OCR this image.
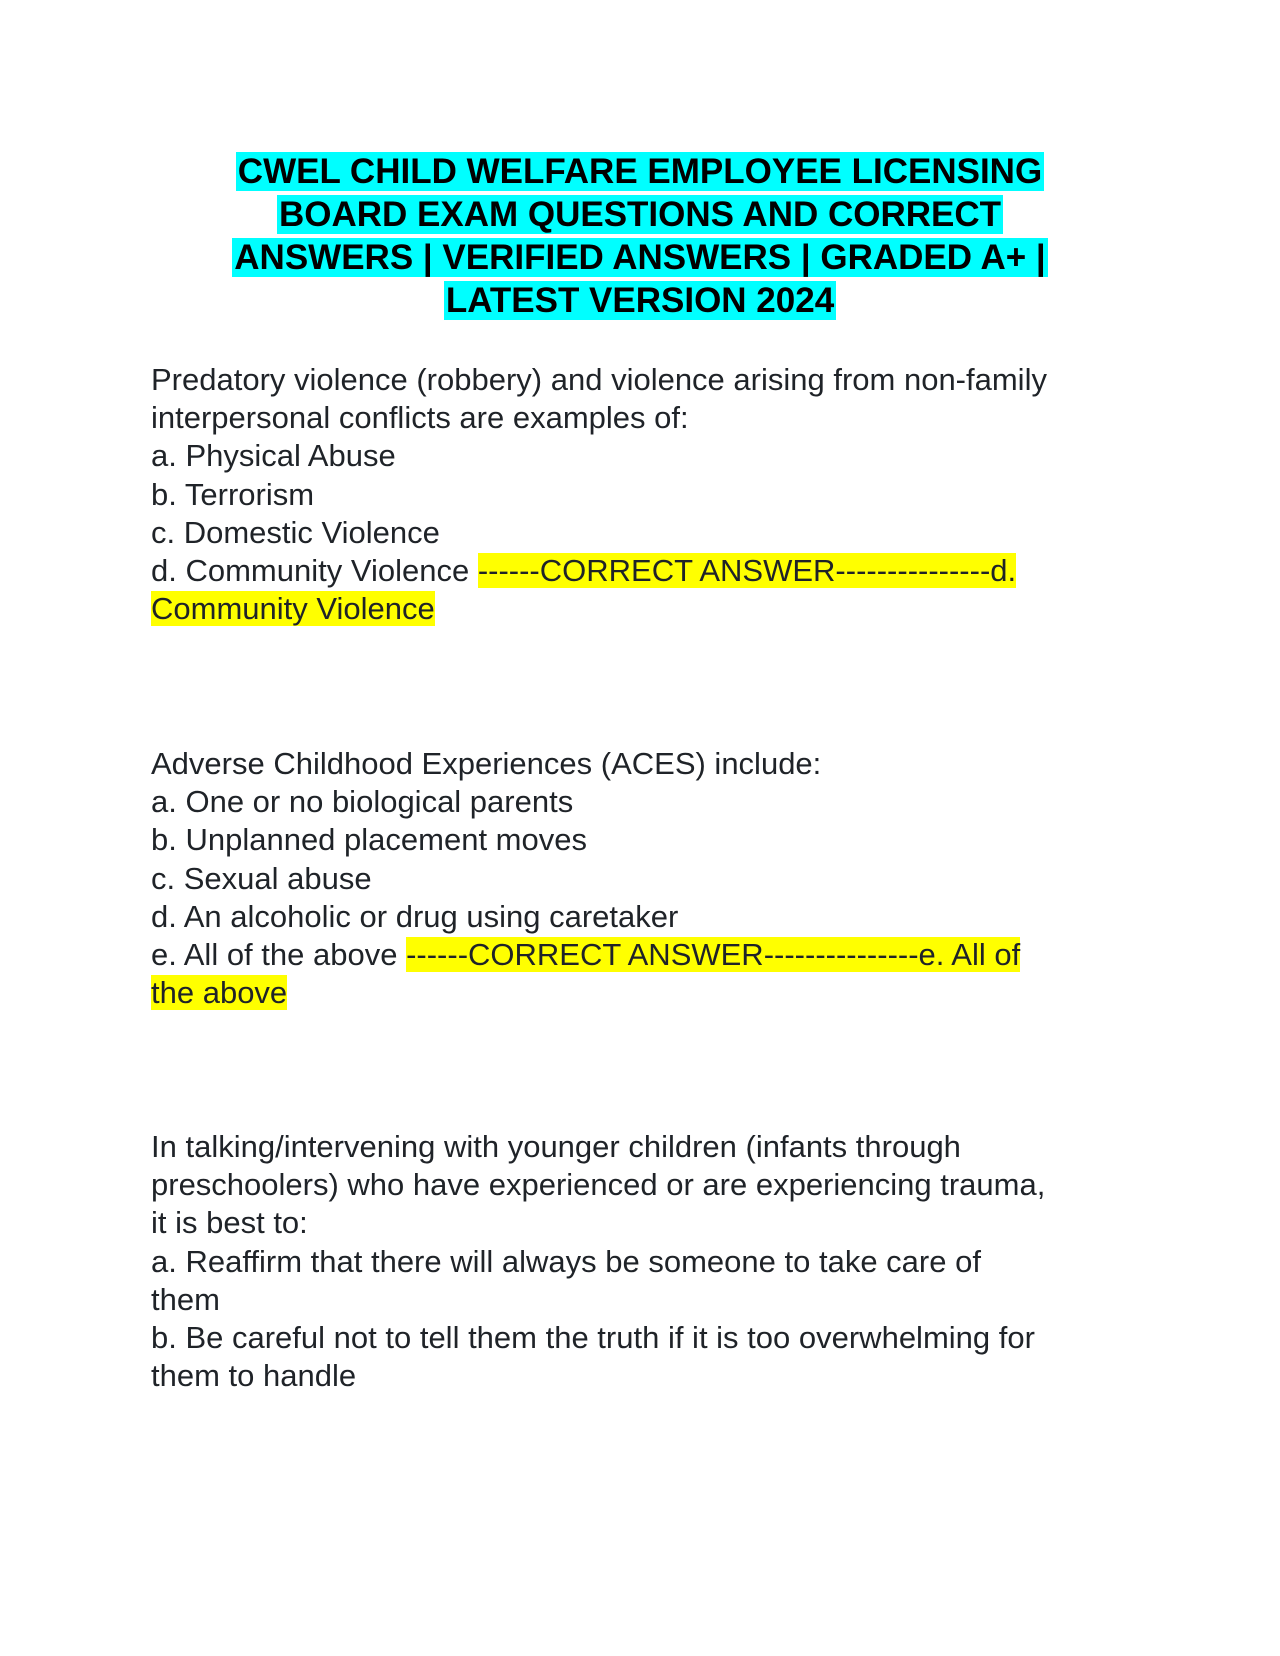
CWEL CHILD WELFARE EMPLOYEE LICENSING
BOARD EXAM QUESTIONS AND CORRECT
ANSWERS | VERIFIED ANSWERS | GRADED A+ |
LATEST VERSION 2024

Predatory violence (robbery) and violence arising from non-family

interpersonal conflicts are examples of:

a. Physical Abuse

b. Terrorism

c. Domestic Violence

d. Community Violence ------CORRECT ANSWER---------------d.

Community Violence

Adverse Childhood Experiences (ACES) include:

a. One or no biological parents

b. Unplanned placement moves

c. Sexual abuse

d. An alcoholic or drug using caretaker

e. All of the above ------CORRECT ANSWER---------------e. All of

the above

In talking/intervening with younger children (infants through

preschoolers) who have experienced or are experiencing trauma,

it is best to:

a. Reaffirm that there will always be someone to take care of

them

b. Be careful not to tell them the truth if it is too overwhelming for

them to handle
